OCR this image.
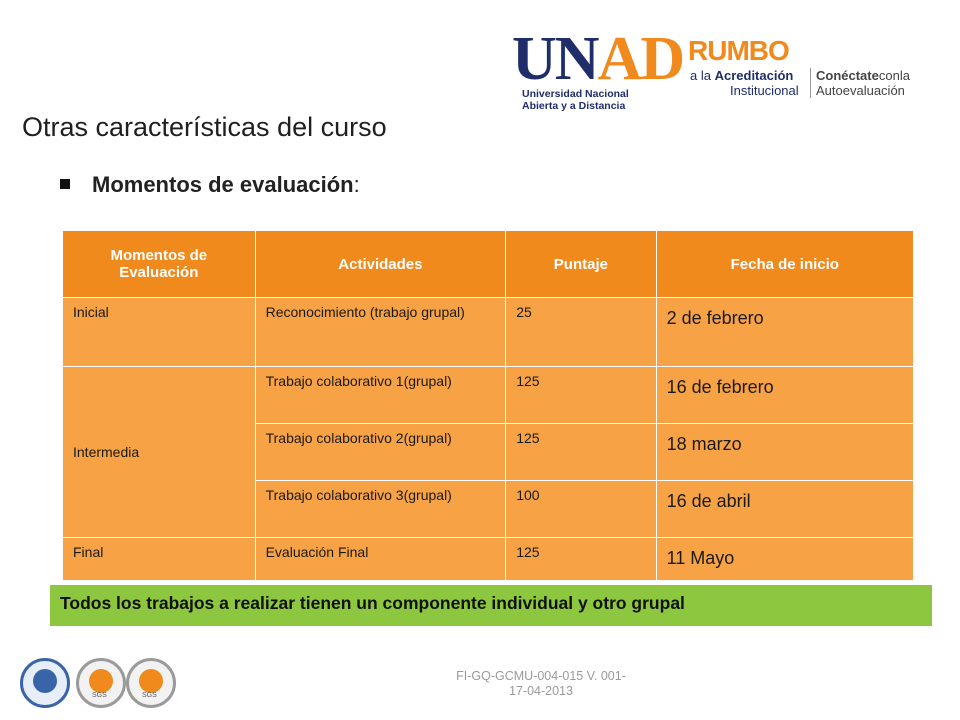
UNAD
Universidad Nacional
Abierta y a Distancia
RUMBO
a la Acreditación
Institucional
Conéctateconla
Autoevaluación
Otras características del curso
Momentos de evaluación:
Momentos de Evaluación	Actividades	Puntaje	Fecha de inicio
Inicial	Reconocimiento (trabajo grupal)	25	2 de febrero
Intermedia	Trabajo colaborativo 1(grupal)	125	16 de febrero
	Trabajo colaborativo 2(grupal)	125	18 marzo
	Trabajo colaborativo 3(grupal)	100	16 de abril
Final	Evaluación Final	125	11 Mayo
Todos los trabajos a realizar tienen un componente individual y otro grupal
SGS	SGS
FI-GQ-GCMU-004-015 V. 001-17-04-2013
